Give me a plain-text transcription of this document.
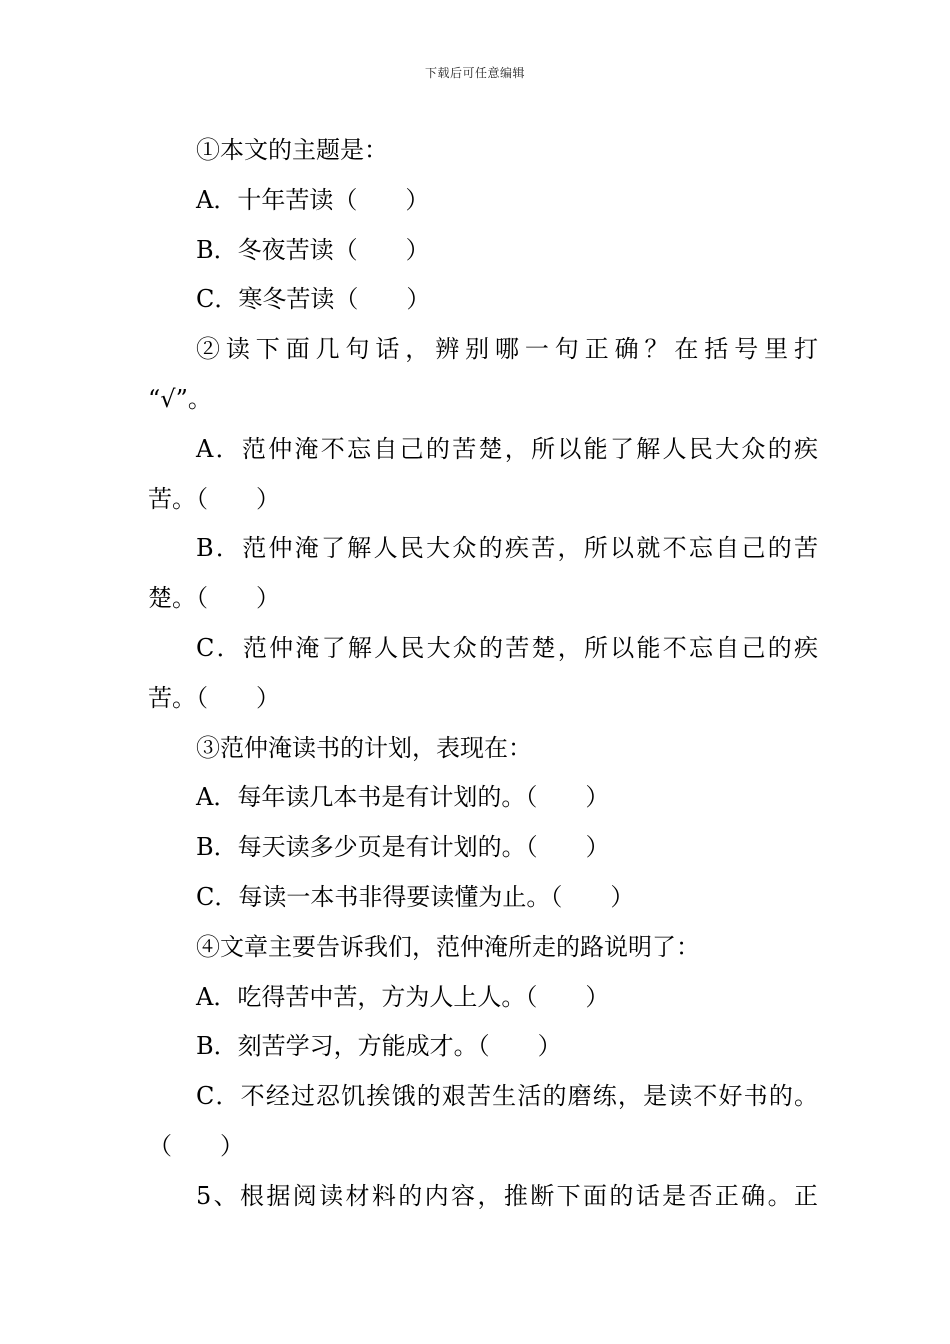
下载后可任意编辑
①本文的主题是：
A．十年苦读（　　）
B．冬夜苦读（　　）
C．寒冬苦读（　　）
②读下面几句话，辨别哪一句正确？在括号里打
“√”。
A．范仲淹不忘自己的苦楚，所以能了解人民大众的疾
苦。（　　）
B．范仲淹了解人民大众的疾苦，所以就不忘自己的苦
楚。（　　）
C．范仲淹了解人民大众的苦楚，所以能不忘自己的疾
苦。（　　）
③范仲淹读书的计划，表现在：
A．每年读几本书是有计划的。（　　）
B．每天读多少页是有计划的。（　　）
C．每读一本书非得要读懂为止。（　　）
④文章主要告诉我们，范仲淹所走的路说明了：
A．吃得苦中苦，方为人上人。（　　）
B．刻苦学习，方能成才。（　　）
C．不经过忍饥挨饿的艰苦生活的磨练，是读不好书的。
（　　）
5、根据阅读材料的内容，推断下面的话是否正确。正
